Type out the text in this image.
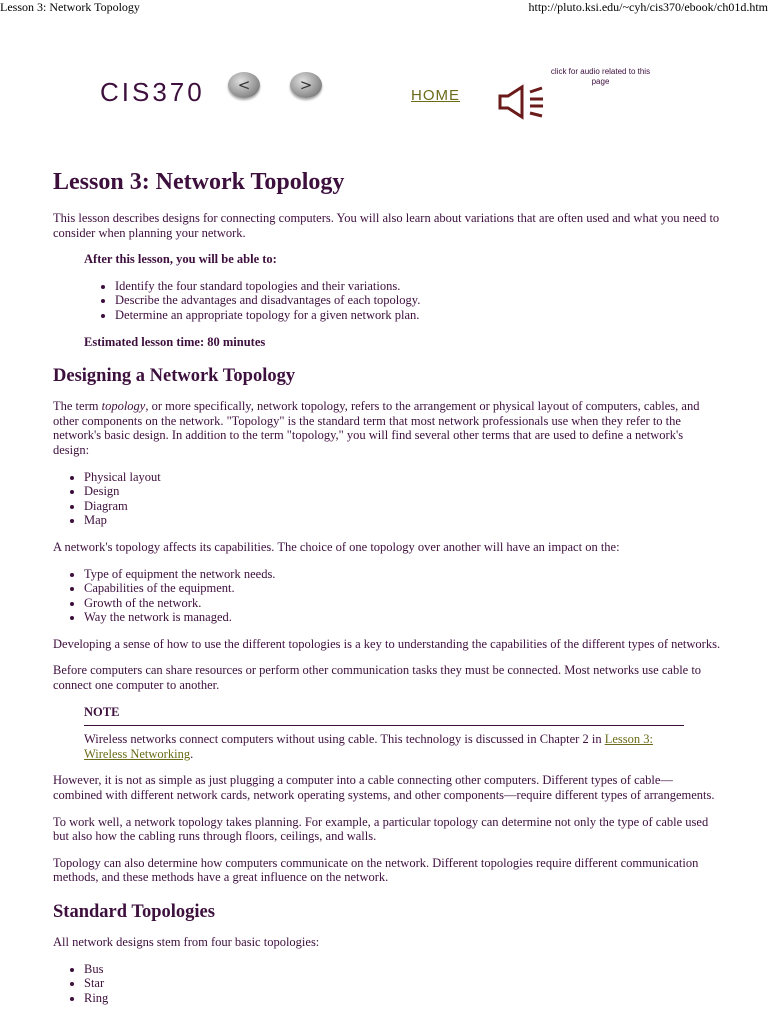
Lesson 3: Network Topology	http://pluto.ksi.edu/~cyh/cis370/ebook/ch01d.htm
CIS370 <	>
HOME
click for audio related to this page
Lesson 3: Network Topology

This lesson describes designs for connecting computers. You will also learn about variations that are often used and what you need to consider when planning your network.

After this lesson, you will be able to:

• Identify the four standard topologies and their variations.
• Describe the advantages and disadvantages of each topology.
• Determine an appropriate topology for a given network plan.

Estimated lesson time: 80 minutes

Designing a Network Topology

The term topology, or more specifically, network topology, refers to the arrangement or physical layout of computers, cables, and other components on the network. "Topology" is the standard term that most network professionals use when they refer to the network's basic design. In addition to the term "topology," you will find several other terms that are used to define a network's design:

• Physical layout
• Design
• Diagram
• Map

A network's topology affects its capabilities. The choice of one topology over another will have an impact on the:

• Type of equipment the network needs.
• Capabilities of the equipment.
• Growth of the network.
• Way the network is managed.

Developing a sense of how to use the different topologies is a key to understanding the capabilities of the different types of networks.

Before computers can share resources or perform other communication tasks they must be connected. Most networks use cable to connect one computer to another.

NOTE

Wireless networks connect computers without using cable. This technology is discussed in Chapter 2 in Lesson 3: Wireless Networking.

However, it is not as simple as just plugging a computer into a cable connecting other computers. Different types of cable—combined with different network cards, network operating systems, and other components—require different types of arrangements.

To work well, a network topology takes planning. For example, a particular topology can determine not only the type of cable used but also how the cabling runs through floors, ceilings, and walls.

Topology can also determine how computers communicate on the network. Different topologies require different communication methods, and these methods have a great influence on the network.

Standard Topologies

All network designs stem from four basic topologies:

• Bus
• Star
• Ring
